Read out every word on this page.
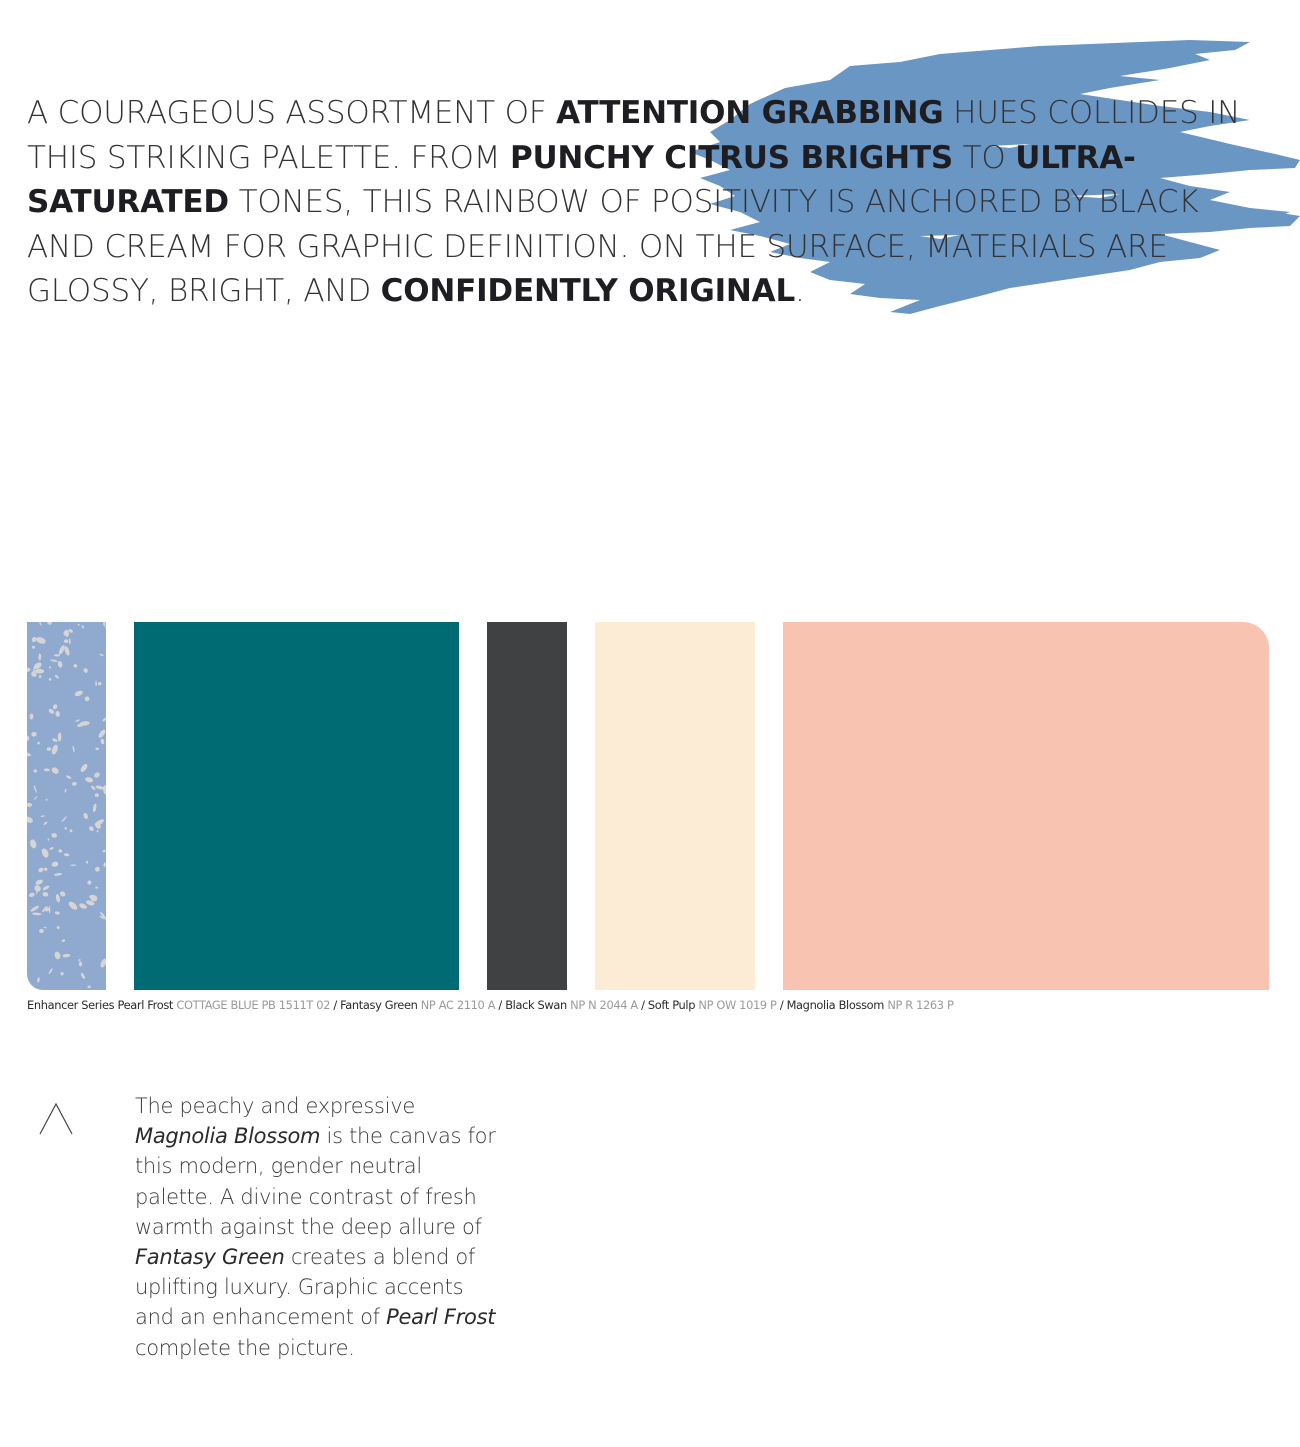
A COURAGEOUS ASSORTMENT OF ATTENTION GRABBING HUES COLLIDES IN THIS STRIKING PALETTE. FROM PUNCHY CITRUS BRIGHTS TO ULTRA-SATURATED TONES, THIS RAINBOW OF POSITIVITY IS ANCHORED BY BLACK AND CREAM FOR GRAPHIC DEFINITION. ON THE SURFACE, MATERIALS ARE GLOSSY, BRIGHT, AND CONFIDENTLY ORIGINAL.

Enhancer Series Pearl Frost COTTAGE BLUE PB 1511T 02 / Fantasy Green NP AC 2110 A / Black Swan NP N 2044 A / Soft Pulp NP OW 1019 P / Magnolia Blossom NP R 1263 P

The peachy and expressive Magnolia Blossom is the canvas for this modern, gender neutral palette. A divine contrast of fresh warmth against the deep allure of Fantasy Green creates a blend of uplifting luxury. Graphic accents and an enhancement of Pearl Frost complete the picture.
